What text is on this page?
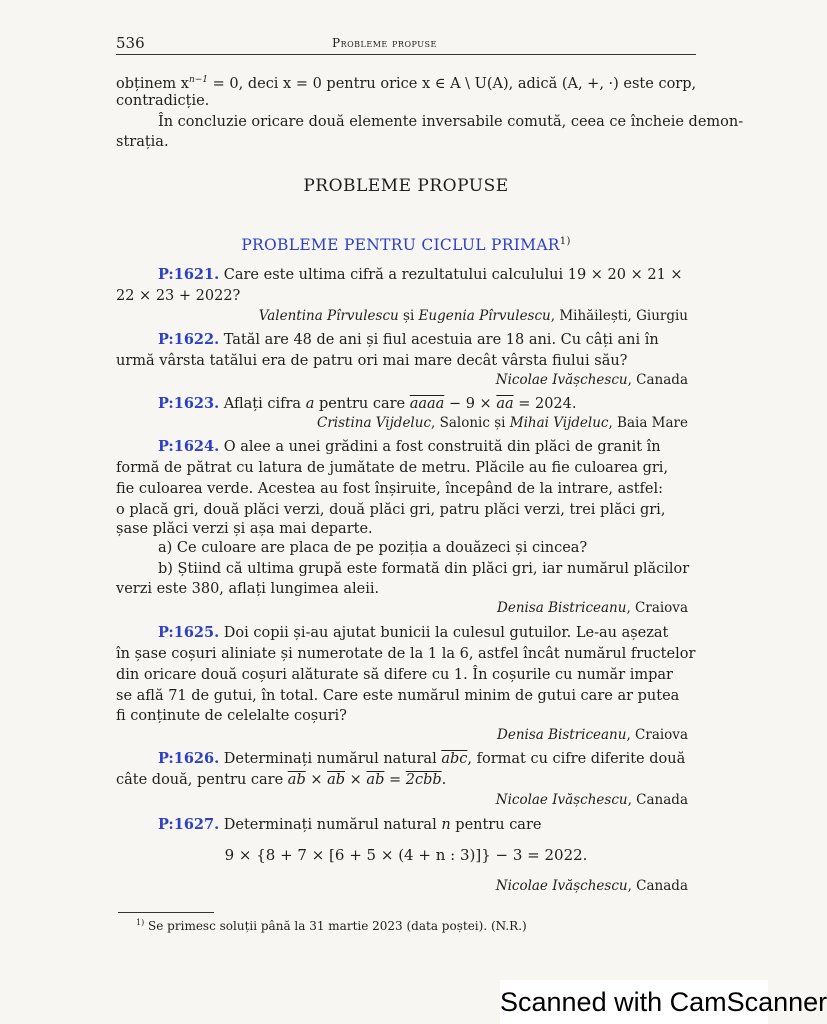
536	Probleme propuse
obținem $x^{n-1} = 0$, deci x = 0 pentru orice x ∈ A \ U(A), adică (A, +, ·) este corp,
contradicție.
În concluzie oricare două elemente inversabile comută, ceea ce încheie demon-
strația.
PROBLEME PROPUSE
PROBLEME PENTRU CICLUL PRIMAR$^{1)}$
P:1621. Care este ultima cifră a rezultatului calculului 19 × 20 × 21 ×
22 × 23 + 2022?
Valentina Pîrvulescu și Eugenia Pîrvulescu, Mihăilești, Giurgiu
P:1622. Tatăl are 48 de ani și fiul acestuia are 18 ani. Cu câți ani în
urmă vârsta tatălui era de patru ori mai mare decât vârsta fiului său?
Nicolae Ivășchescu, Canada
P:1623. Aflați cifra a pentru care aaaa − $9 \times \overline{aa} = 2024$.
Cristina Vijdeluc, Salonic și Mihai Vijdeluc, Baia Mare
P:1624. O alee a unei grădini a fost construită din plăci de granit în
formă de pătrat cu latura de jumătate de metru. Plăcile au fie culoarea gri,
fie culoarea verde. Acestea au fost înșiruite, începând de la intrare, astfel:
o placă gri, două plăci verzi, două plăci gri, patru plăci verzi, trei plăci gri,
șase plăci verzi și așa mai departe.
a) Ce culoare are placa de pe poziția a douăzeci și cincea?
b) Știind că ultima grupă este formată din plăci gri, iar numărul plăcilor
verzi este 380, aflați lungimea aleii.
Denisa Bistriceanu, Craiova
P:1625. Doi copii și-au ajutat bunicii la culesul gutuilor. Le-au așezat
în șase coșuri aliniate și numerotate de la 1 la 6, astfel încât numărul fructelor
din oricare două coșuri alăturate să difere cu 1. În coșurile cu număr impar
se află 71 de gutui, în total. Care este numărul minim de gutui care ar putea
fi conținute de celelalte coșuri?
Denisa Bistriceanu, Craiova
P:1626. Determinați numărul natural $\overline{abc}$, format cu cifre diferite două
câte două, pentru care $\overline{ab} \times \overline{ab} \times \overline{ab} = 2cbb$.
Nicolae Ivășchescu, Canada
P:1627. Determinați numărul natural n pentru care
9 × {8 + 7 × [6 + 5 × (4 + n : 3)]} − 3 = 2022.
Nicolae Ivășchescu, Canada
$^{1)}$ Se primesc soluții până la 31 martie 2023 (data poștei). (N.R.)
Scanned with CamScanner
